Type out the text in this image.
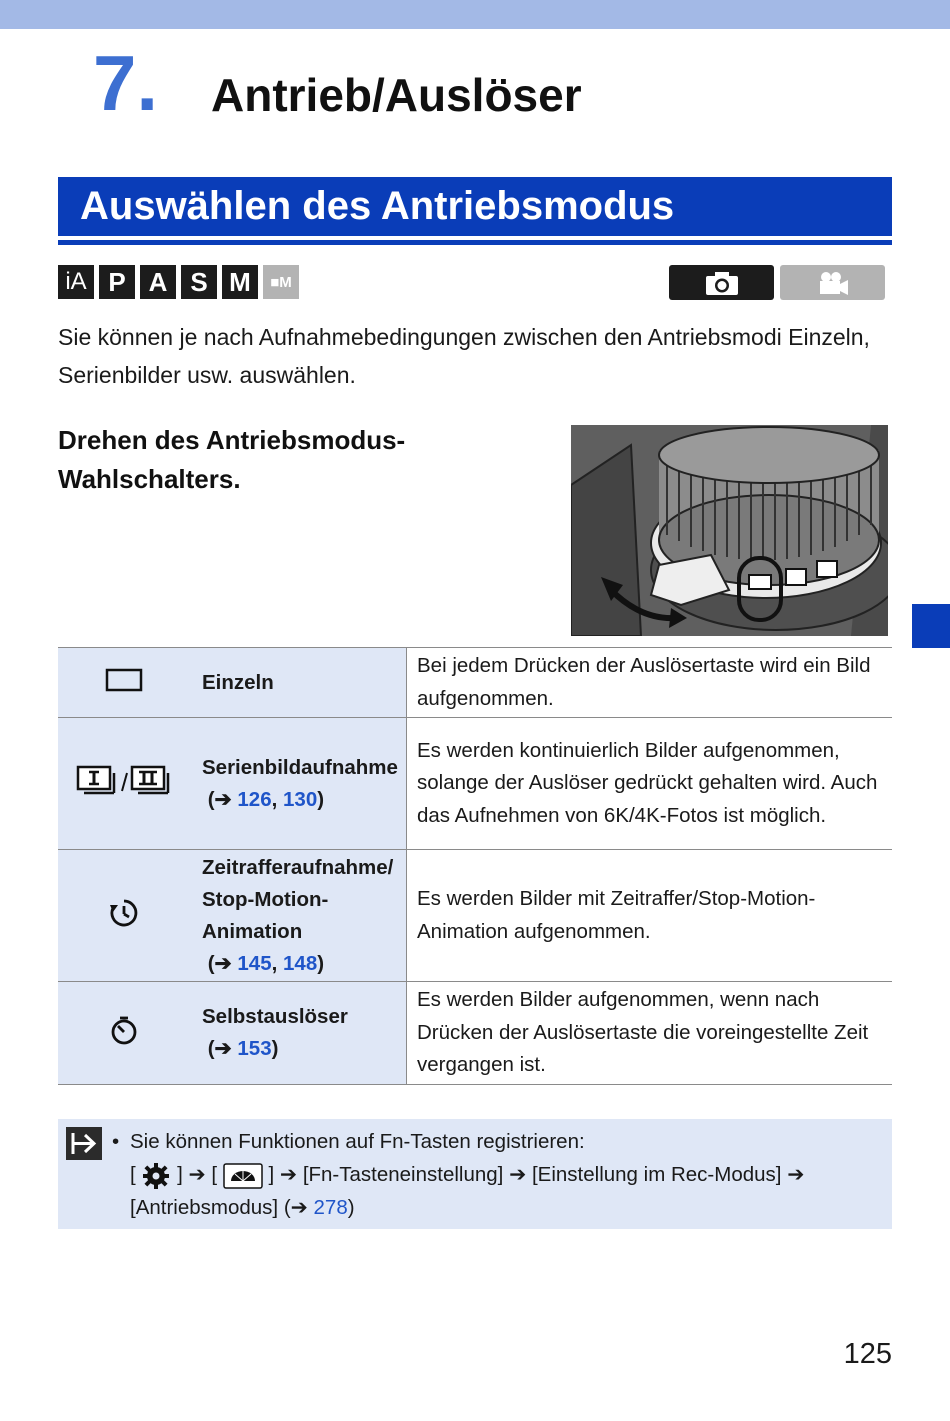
7. Antrieb/Auslöser
Auswählen des Antriebsmodus
iA P A S M	■M
Sie können je nach Aufnahmebedingungen zwischen den Antriebsmodi Einzeln, Serienbilder usw. auswählen.
Drehen des Antriebsmodus-
Wahlschalters.
	Einzeln	Bei jedem Drücken der Auslösertaste wird ein Bild aufgenommen.

Serienbildaufnahme
(➔ 126, 130)	Es werden kontinuierlich Bilder aufgenommen, solange der Auslöser gedrückt gehalten wird. Auch das Aufnehmen von 6K/4K-Fotos ist möglich.

Zeitrafferaufnahme/
Stop-Motion-
Animation
(➔ 145, 148)	Es werden Bilder mit Zeitraffer/Stop-Motion-Animation aufgenommen.

Selbstauslöser
(➔ 153)	Es werden Bilder aufgenommen, wenn nach Drücken der Auslösertaste die voreingestellte Zeit vergangen ist.
• Sie können Funktionen auf Fn-Tasten registrieren:
[ ] ➔ [	] ➔ [Fn-Tasteneinstellung] ➔ [Einstellung im Rec-Modus] ➔
[Antriebsmodus] (➔ 278)
125
